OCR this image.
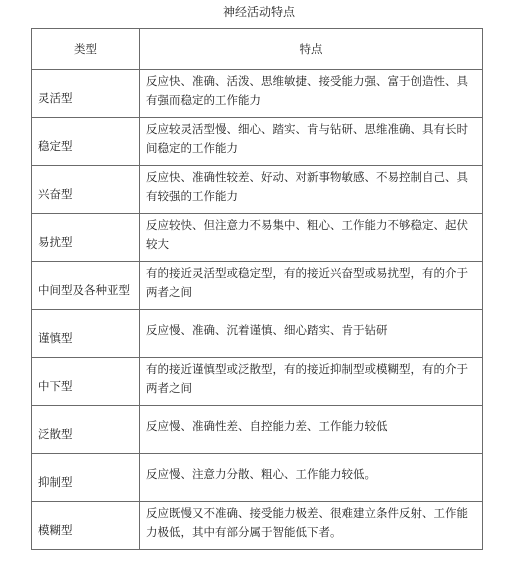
神经活动特点
类型	特点

灵活型	反应快、准确、活泼、思维敏捷、接受能力强、富于创造性、具有强而稳定的工作能力

稳定型	反应较灵活型慢、细心、踏实、肯与钻研、思维准确、具有长时间稳定的工作能力

兴奋型	反应快、准确性较差、好动、对新事物敏感、不易控制自己、具有较强的工作能力

易扰型	反应较快、但注意力不易集中、粗心、工作能力不够稳定、起伏较大

中间型及各种亚型	有的接近灵活型或稳定型，有的接近兴奋型或易扰型，有的介于两者之间

谨慎型	反应慢、准确、沉着谨慎、细心踏实、肯于钻研

中下型	有的接近谨慎型或泛散型，有的接近抑制型或模糊型，有的介于两者之间

泛散型	反应慢、准确性差、自控能力差、工作能力较低

抑制型	反应慢、注意力分散、粗心、工作能力较低。

模糊型	反应既慢又不准确、接受能力极差、很难建立条件反射、工作能力极低，其中有部分属于智能低下者。
